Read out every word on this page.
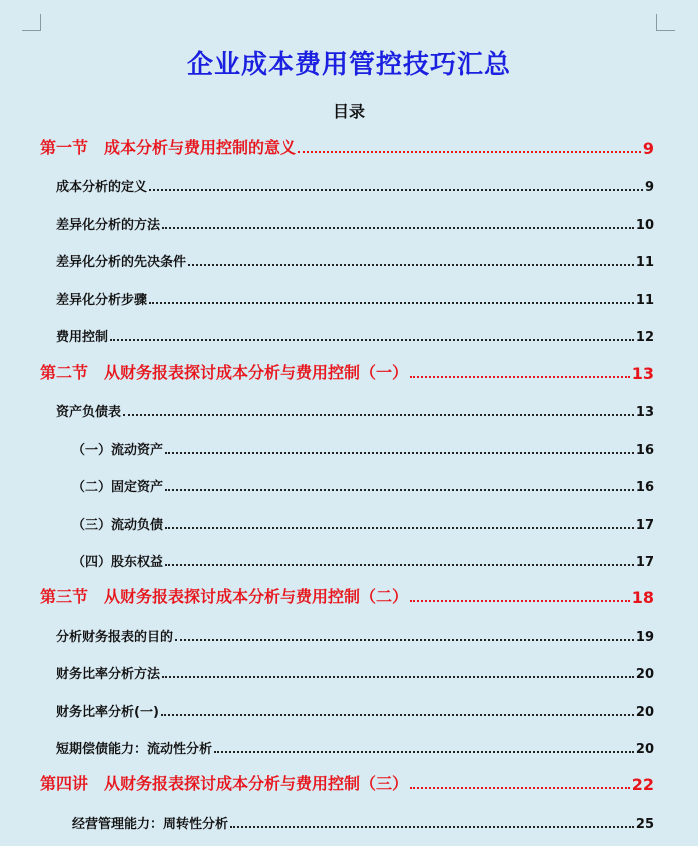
企业成本费用管控技巧汇总
目录
第一节　成本分析与费用控制的意义	9
成本分析的定义	9
差异化分析的方法	10
差异化分析的先决条件	11
差异化分析步骤	11
费用控制	12
第二节　从财务报表探讨成本分析与费用控制（一）	13
资产负债表	13
（一）流动资产	16
（二）固定资产	16
（三）流动负债	17
（四）股东权益	17
第三节　从财务报表探讨成本分析与费用控制（二）	18
分析财务报表的目的	19
财务比率分析方法	20
财务比率分析(一)	20
短期偿债能力：流动性分析	20
第四讲　从财务报表探讨成本分析与费用控制（三）	22
经营管理能力：周转性分析	25
